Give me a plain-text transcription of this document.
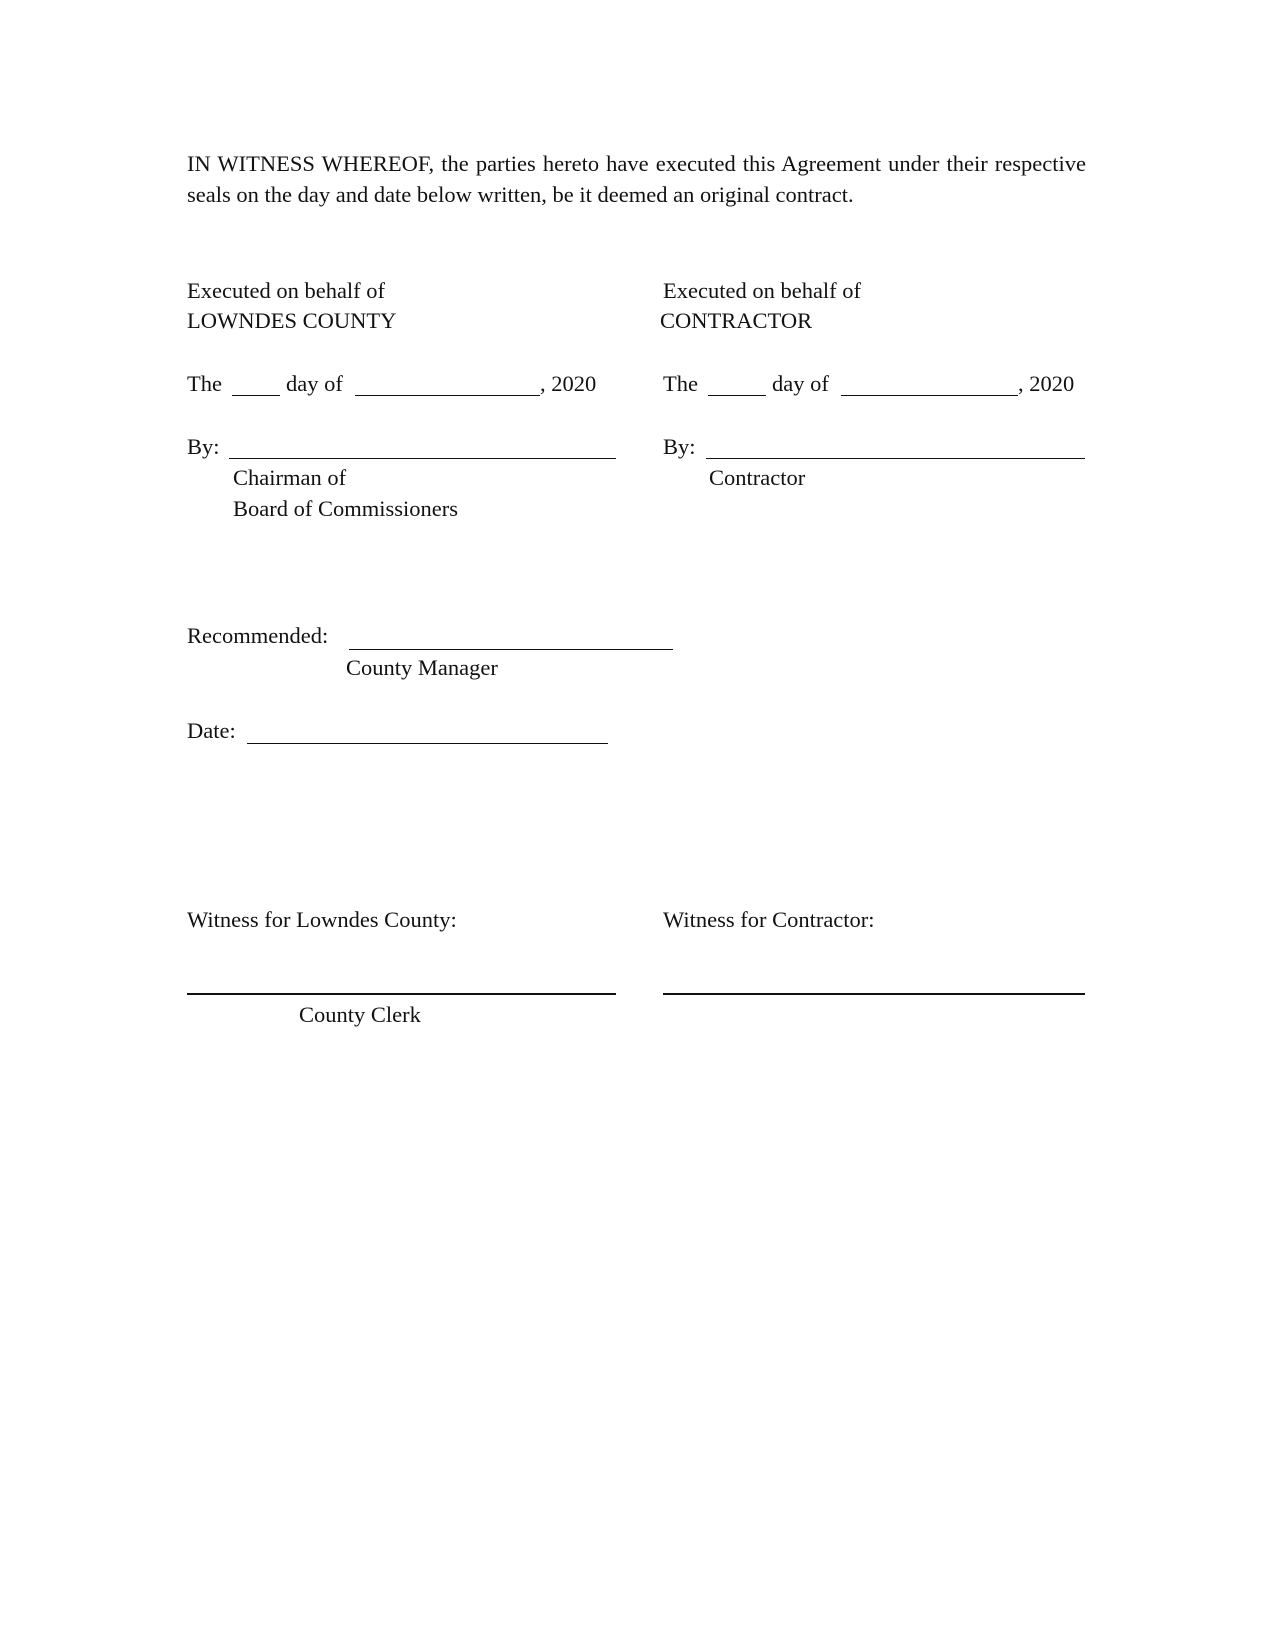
IN WITNESS WHEREOF, the parties hereto have executed this Agreement under their respective seals on the day and date below written, be it deemed an original contract.
Executed on behalf of
LOWNDES COUNTY
The	day of	, 2020
By:
Chairman of
Board of Commissioners
Executed on behalf of
CONTRACTOR
The	day of	, 2020
By:
Contractor
Recommended:
County Manager
Date:
Witness for Lowndes County:	Witness for Contractor:
County Clerk
